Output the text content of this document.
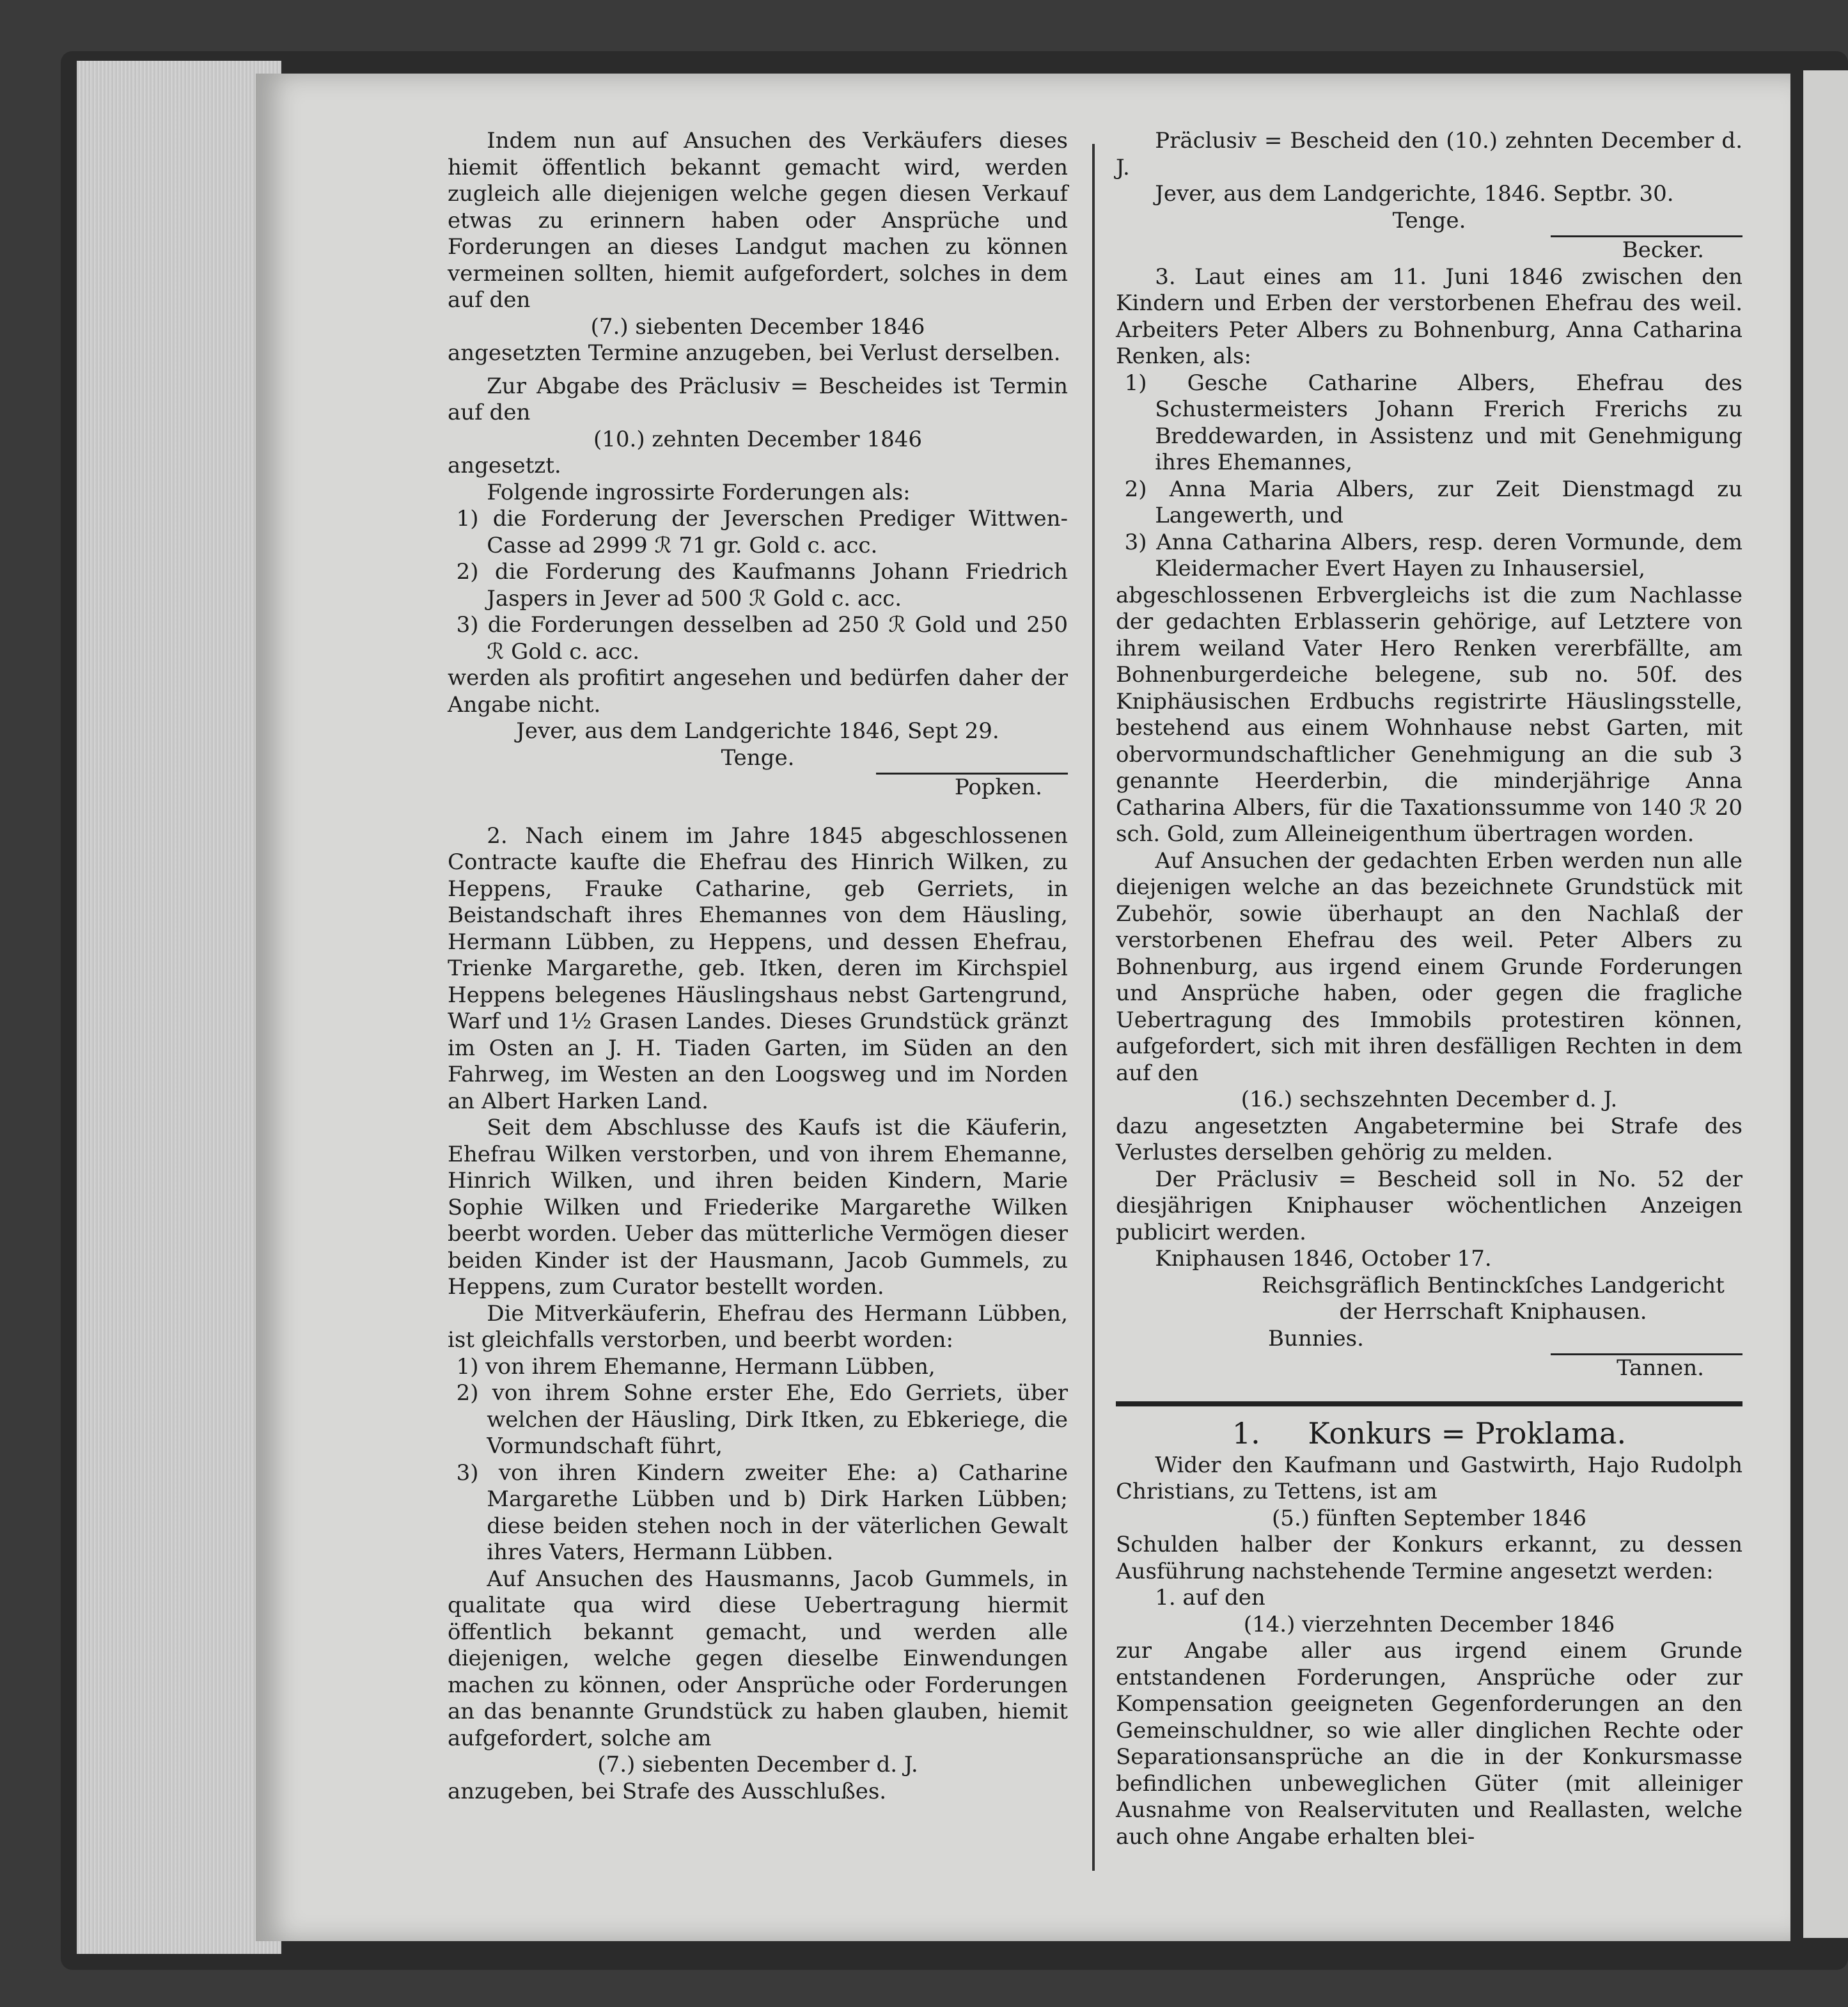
Indem nun auf Ansuchen des Verkäufers dieses hiemit öffentlich bekannt gemacht wird, werden zugleich alle diejenigen welche gegen diesen Verkauf etwas zu erinnern haben oder Ansprüche und Forderungen an dieses Landgut machen zu können vermeinen sollten, hiemit aufgefordert, solches in dem auf den

(7.) siebenten December 1846

angesetzten Termine anzugeben, bei Verlust derselben.

Zur Abgabe des Präclusiv = Bescheides ist Termin auf den

(10.) zehnten December 1846

angesetzt.

Folgende ingrossirte Forderungen als:

1) die Forderung der Jeverschen Prediger Wittwen-Casse ad 2999 ℛ 71 gr. Gold c. acc.

2) die Forderung des Kaufmanns Johann Friedrich Jaspers in Jever ad 500 ℛ Gold c. acc.

3) die Forderungen desselben ad 250 ℛ Gold und 250 ℛ Gold c. acc.

werden als profitirt angesehen und bedürfen daher der Angabe nicht.

Jever, aus dem Landgerichte 1846, Sept 29.

Tenge.

Popken.

2. Nach einem im Jahre 1845 abgeschlossenen Contracte kaufte die Ehefrau des Hinrich Wilken, zu Heppens, Frauke Catharine, geb Gerriets, in Beistandschaft ihres Ehemannes von dem Häusling, Hermann Lübben, zu Heppens, und dessen Ehefrau, Trienke Margarethe, geb. Itken, deren im Kirchspiel Heppens belegenes Häuslingshaus nebst Gartengrund, Warf und 1½ Grasen Landes. Dieses Grundstück gränzt im Osten an J. H. Tiaden Garten, im Süden an den Fahrweg, im Westen an den Loogsweg und im Norden an Albert Harken Land.

Seit dem Abschlusse des Kaufs ist die Käuferin, Ehefrau Wilken verstorben, und von ihrem Ehemanne, Hinrich Wilken, und ihren beiden Kindern, Marie Sophie Wilken und Friederike Margarethe Wilken beerbt worden. Ueber das mütterliche Vermögen dieser beiden Kinder ist der Hausmann, Jacob Gummels, zu Heppens, zum Curator bestellt worden.

Die Mitverkäuferin, Ehefrau des Hermann Lübben, ist gleichfalls verstorben, und beerbt worden:

1) von ihrem Ehemanne, Hermann Lübben,

2) von ihrem Sohne erster Ehe, Edo Gerriets, über welchen der Häusling, Dirk Itken, zu Ebkeriege, die Vormundschaft führt,

3) von ihren Kindern zweiter Ehe: a) Catharine Margarethe Lübben und b) Dirk Harken Lübben; diese beiden stehen noch in der väterlichen Gewalt ihres Vaters, Hermann Lübben.

Auf Ansuchen des Hausmanns, Jacob Gummels, in qualitate qua wird diese Uebertragung hiermit öffentlich bekannt gemacht, und werden alle diejenigen, welche gegen dieselbe Einwendungen machen zu können, oder Ansprüche oder Forderungen an das benannte Grundstück zu haben glauben, hiemit aufgefordert, solche am

(7.) siebenten December d. J.

anzugeben, bei Strafe des Ausschlußes.

Präclusiv = Bescheid den (10.) zehnten December d. J.

Jever, aus dem Landgerichte, 1846. Septbr. 30.

Tenge.

Becker.

3. Laut eines am 11. Juni 1846 zwischen den Kindern und Erben der verstorbenen Ehefrau des weil. Arbeiters Peter Albers zu Bohnenburg, Anna Catharina Renken, als:

1) Gesche Catharine Albers, Ehefrau des Schustermeisters Johann Frerich Frerichs zu Breddewarden, in Assistenz und mit Genehmigung ihres Ehemannes,

2) Anna Maria Albers, zur Zeit Dienstmagd zu Langewerth, und

3) Anna Catharina Albers, resp. deren Vormunde, dem Kleidermacher Evert Hayen zu Inhausersiel,

abgeschlossenen Erbvergleichs ist die zum Nachlasse der gedachten Erblasserin gehörige, auf Letztere von ihrem weiland Vater Hero Renken vererbfällte, am Bohnenburgerdeiche belegene, sub no. 50f. des Kniphäusischen Erdbuchs registrirte Häuslingsstelle, bestehend aus einem Wohnhause nebst Garten, mit obervormundschaftlicher Genehmigung an die sub 3 genannte Heerderbin, die minderjährige Anna Catharina Albers, für die Taxationssumme von 140 ℛ 20 sch. Gold, zum Alleineigenthum übertragen worden.

Auf Ansuchen der gedachten Erben werden nun alle diejenigen welche an das bezeichnete Grundstück mit Zubehör, sowie überhaupt an den Nachlaß der verstorbenen Ehefrau des weil. Peter Albers zu Bohnenburg, aus irgend einem Grunde Forderungen und Ansprüche haben, oder gegen die fragliche Uebertragung des Immobils protestiren können, aufgefordert, sich mit ihren desfälligen Rechten in dem auf den

(16.) sechszehnten December d. J.

dazu angesetzten Angabetermine bei Strafe des Verlustes derselben gehörig zu melden.

Der Präclusiv = Bescheid soll in No. 52 der diesjährigen Kniphauser wöchentlichen Anzeigen publicirt werden.

Kniphausen 1846, October 17.

Reichsgräflich Bentinckſches Landgericht der Herrschaft Kniphausen.

Bunnies.

Tannen.

1. Konkurs = Proklama.

Wider den Kaufmann und Gastwirth, Hajo Rudolph Christians, zu Tettens, ist am

(5.) fünften September 1846

Schulden halber der Konkurs erkannt, zu dessen Ausführung nachstehende Termine angesetzt werden:

1. auf den

(14.) vierzehnten December 1846

zur Angabe aller aus irgend einem Grunde entstandenen Forderungen, Ansprüche oder zur Kompensation geeigneten Gegenforderungen an den Gemeinschuldner, so wie aller dinglichen Rechte oder Separationsansprüche an die in der Konkursmasse befindlichen unbeweglichen Güter (mit alleiniger Ausnahme von Realservituten und Reallasten, welche auch ohne Angabe erhalten blei-
